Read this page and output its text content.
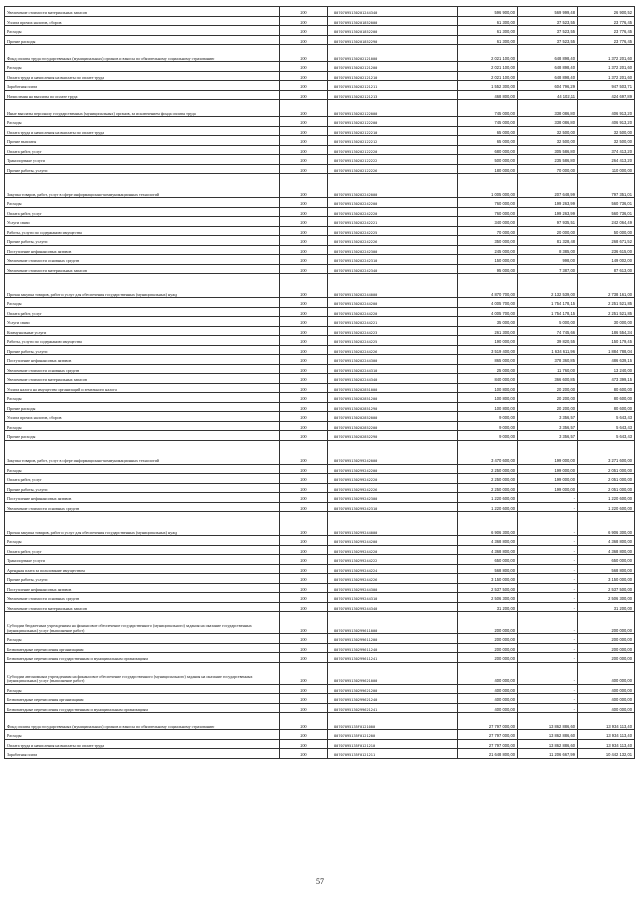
Увеличение стоимости материальных запасов	200	80707095130201244340	596 900,00	569 999,48	26 900,52
Уплата прочих налогов, сборов	200	80707095130201852000	61 300,00	37 523,55	23 776,45
Расходы	200	80707095130201852200	61 300,00	37 523,55	23 776,45
Прочие расходы	200	80707095130201852290	61 300,00	37 523,55	23 776,45
Фонд оплаты труда государственных (муниципальных) органов и взносы по обязательному социальному страхованию	200	80707095130202121000	2 021 100,00	648 898,40	1 372 201,60
Расходы	200	80707095130202121200	2 021 100,00	648 898,40	1 372 201,60
Оплата труда и начисления на выплаты по оплате труда	200	80707095130202121210	2 021 100,00	648 898,40	1 372 201,60
Заработная плата	200	80707095130202121211	1 552 300,00	604 796,29	947 503,71
Начисления на выплаты по оплате труда	200	80707095130202121213	468 800,00	44 102,11	424 697,89
Иные выплаты персоналу государственных (муниципальных) органов, за исключением фонда оплаты труда	200	80707095130202122000	745 000,00	338 086,80	406 913,20
Расходы	200	80707095130202122200	745 000,00	338 086,80	406 913,20
Оплата труда и начисления на выплаты по оплате труда	200	80707095130202122210	65 000,00	32 500,00	32 500,00
Прочие выплаты	200	80707095130202122212	65 000,00	32 500,00	32 500,00
Оплата работ, услуг	200	80707095130202122220	680 000,00	305 586,80	374 413,20
Транспортные услуги	200	80707095130202122222	500 000,00	235 586,80	264 413,20
Прочие работы, услуги	200	80707095130202122226	180 000,00	70 000,00	110 000,00
Закупка товаров, работ, услуг в сфере информационно-коммуникационных технологий	200	80707095130202242000	1 005 000,00	207 648,99	797 351,01
Расходы	200	80707095130202242200	760 000,00	199 263,99	560 736,01
Оплата работ, услуг	200	80707095130202242220	760 000,00	199 263,99	560 736,01
Услуги связи	200	80707095130202242221	340 000,00	97 935,51	242 064,49
Работы, услуги по содержанию имущества	200	80707095130202242225	70 000,00	20 000,00	50 000,00
Прочие работы, услуги	200	80707095130202242226	350 000,00	81 328,48	268 671,52
Поступление нефинансовых активов	200	80707095130202242300	245 000,00	8 385,00	236 615,00
Увеличение стоимости основных средств	200	80707095130202242310	150 000,00	998,00	149 002,00
Увеличение стоимости материальных запасов	200	80707095130202242340	95 000,00	7 387,00	87 613,00
Прочая закупка товаров, работ и услуг для обеспечения государственных (муниципальных) нужд	200	80707095130202244000	4 870 700,00	2 132 539,00	2 738 161,00
Расходы	200	80707095130202244200	4 005 700,00	1 754 178,15	2 251 521,85
Оплата работ, услуг	200	80707095130202244220	4 005 700,00	1 754 178,15	2 251 521,85
Услуги связи	200	80707095130202244221	35 000,00	5 000,00	30 000,00
Коммунальные услуги	200	80707095130202244223	261 300,00	74 745,66	186 554,34
Работы, услуги по содержанию имущества	200	80707095130202244225	190 000,00	39 820,55	150 179,45
Прочие работы, услуги	200	80707095130202244226	3 519 400,00	1 634 611,96	1 884 788,04
Поступление нефинансовых активов	200	80707095130202244300	865 000,00	378 360,85	486 639,15
Увеличение стоимости основных средств	200	80707095130202244310	25 000,00	11 760,00	13 240,00
Увеличение стоимости материальных запасов	200	80707095130202244340	840 000,00	366 600,85	473 399,15
Уплата налога на имущество организаций и земельного налога	200	80707095130202851000	100 800,00	20 200,00	80 600,00
Расходы	200	80707095130202851200	100 800,00	20 200,00	80 600,00
Прочие расходы	200	80707095130202851290	100 800,00	20 200,00	80 600,00
Уплата прочих налогов, сборов	200	80707095130202852000	9 000,00	3 356,57	5 643,43
Расходы	200	80707095130202852200	9 000,00	3 356,57	5 643,43
Прочие расходы	200	80707095130202852290	9 000,00	3 356,57	5 643,43
Закупка товаров, работ, услуг в сфере информационно-коммуникационных технологий	200	80707095130299242000	3 470 600,00	199 000,00	3 271 600,00
Расходы	200	80707095130299242200	2 250 000,00	199 000,00	2 051 000,00
Оплата работ, услуг	200	80707095130299242220	2 250 000,00	199 000,00	2 051 000,00
Прочие работы, услуги	200	80707095130299242226	2 250 000,00	199 000,00	2 051 000,00
Поступление нефинансовых активов	200	80707095130299242300	1 220 600,00	-	1 220 600,00
Увеличение стоимости основных средств	200	80707095130299242310	1 220 600,00	-	1 220 600,00
Прочая закупка товаров, работ и услуг для обеспечения государственных (муниципальных) нужд	200	80707095130299244000	6 906 300,00	-	6 906 300,00
Расходы	200	80707095130299244200	4 368 800,00	-	4 368 800,00
Оплата работ, услуг	200	80707095130299244220	4 368 800,00	-	4 368 800,00
Транспортные услуги	200	80707095130299244222	650 000,00	-	650 000,00
Арендная плата за пользование имуществом	200	80707095130299244224	568 800,00	-	568 800,00
Прочие работы, услуги	200	80707095130299244226	3 150 000,00	-	3 150 000,00
Поступление нефинансовых активов	200	80707095130299244300	2 537 500,00	-	2 537 500,00
Увеличение стоимости основных средств	200	80707095130299244310	2 506 300,00	-	2 506 300,00
Увеличение стоимости материальных запасов	200	80707095130299244340	31 200,00	-	31 200,00
Субсидии бюджетным учреждениям на финансовое обеспечение государственного (муниципального) задания на оказание государственных (муниципальных) услуг (выполнение работ)	200	80707095130299611000	200 000,00	-	200 000,00
Расходы	200	80707095130299611200	200 000,00	-	200 000,00
Безвозмездные перечисления организациям	200	80707095130299611240	200 000,00	-	200 000,00
Безвозмездные перечисления государственным и муниципальным организациям	200	80707095130299611241	200 000,00	-	200 000,00
Субсидии автономным учреждениям на финансовое обеспечение государственного (муниципального) задания на оказание государственных (муниципальных) услуг (выполнение работ)	200	80707095130299621000	400 000,00	-	400 000,00
Расходы	200	80707095130299621200	400 000,00	-	400 000,00
Безвозмездные перечисления организациям	200	80707095130299621240	400 000,00	-	400 000,00
Безвозмездные перечисления государственным и муниципальным организациям	200	80707095130299621241	400 000,00	-	400 000,00
Фонд оплаты труда государственных (муниципальных) органов и взносы по обязательному социальному страхованию	200	80707095135F0121000	27 797 000,00	13 862 886,60	13 934 113,40
Расходы	200	80707095135F0121200	27 797 000,00	13 862 886,60	13 934 113,40
Оплата труда и начисления на выплаты по оплате труда	200	80707095135F0121210	27 797 000,00	13 862 886,60	13 934 113,40
Заработная плата	200	80707095135F0121211	21 648 800,00	11 206 667,99	10 442 132,01
57
